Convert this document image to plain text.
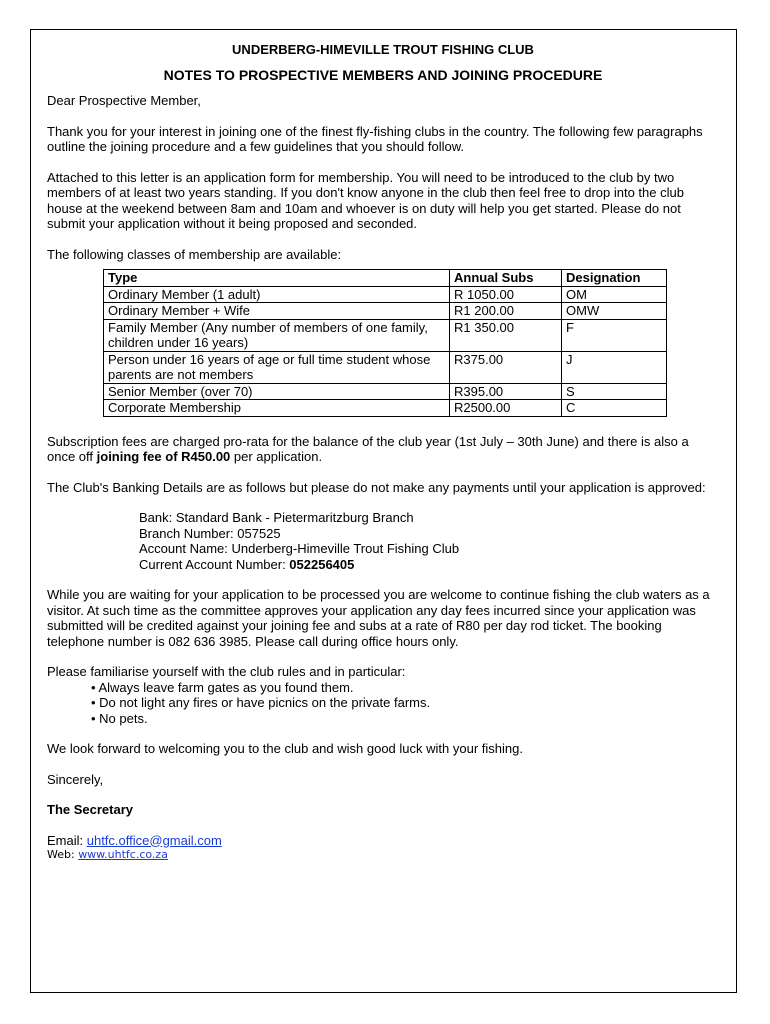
UNDERBERG-HIMEVILLE TROUT FISHING CLUB
NOTES TO PROSPECTIVE MEMBERS AND JOINING PROCEDURE

Dear Prospective Member,

Thank you for your interest in joining one of the finest fly-fishing clubs in the country. The following few paragraphs outline the joining procedure and a few guidelines that you should follow.

Attached to this letter is an application form for membership. You will need to be introduced to the club by two members of at least two years standing. If you don't know anyone in the club then feel free to drop into the club house at the weekend between 8am and 10am and whoever is on duty will help you get started. Please do not submit your application without it being proposed and seconded.

The following classes of membership are available:

Type	Annual Subs	Designation
Ordinary Member (1 adult)	R 1050.00	OM
Ordinary Member + Wife	R1 200.00	OMW
Family Member (Any number of members of one family, children under 16 years)	R1 350.00	F
Person under 16 years of age or full time student whose parents are not members	R375.00	J
Senior Member (over 70)	R395.00	S
Corporate Membership	R2500.00	C

Subscription fees are charged pro-rata for the balance of the club year (1st July – 30th June) and there is also a once off joining fee of R450.00 per application.

The Club's Banking Details are as follows but please do not make any payments until your application is approved:

Bank: Standard Bank - Pietermaritzburg Branch
Branch Number: 057525
Account Name: Underberg-Himeville Trout Fishing Club
Current Account Number: 052256405

While you are waiting for your application to be processed you are welcome to continue fishing the club waters as a visitor. At such time as the committee approves your application any day fees incurred since your application was submitted will be credited against your joining fee and subs at a rate of R80 per day rod ticket. The booking telephone number is 082 636 3985. Please call during office hours only.

Please familiarise yourself with the club rules and in particular:
• Always leave farm gates as you found them.
• Do not light any fires or have picnics on the private farms.
• No pets.

We look forward to welcoming you to the club and wish good luck with your fishing.

Sincerely,

The Secretary

Email: uhtfc.office@gmail.com
Web: www.uhtfc.co.za
